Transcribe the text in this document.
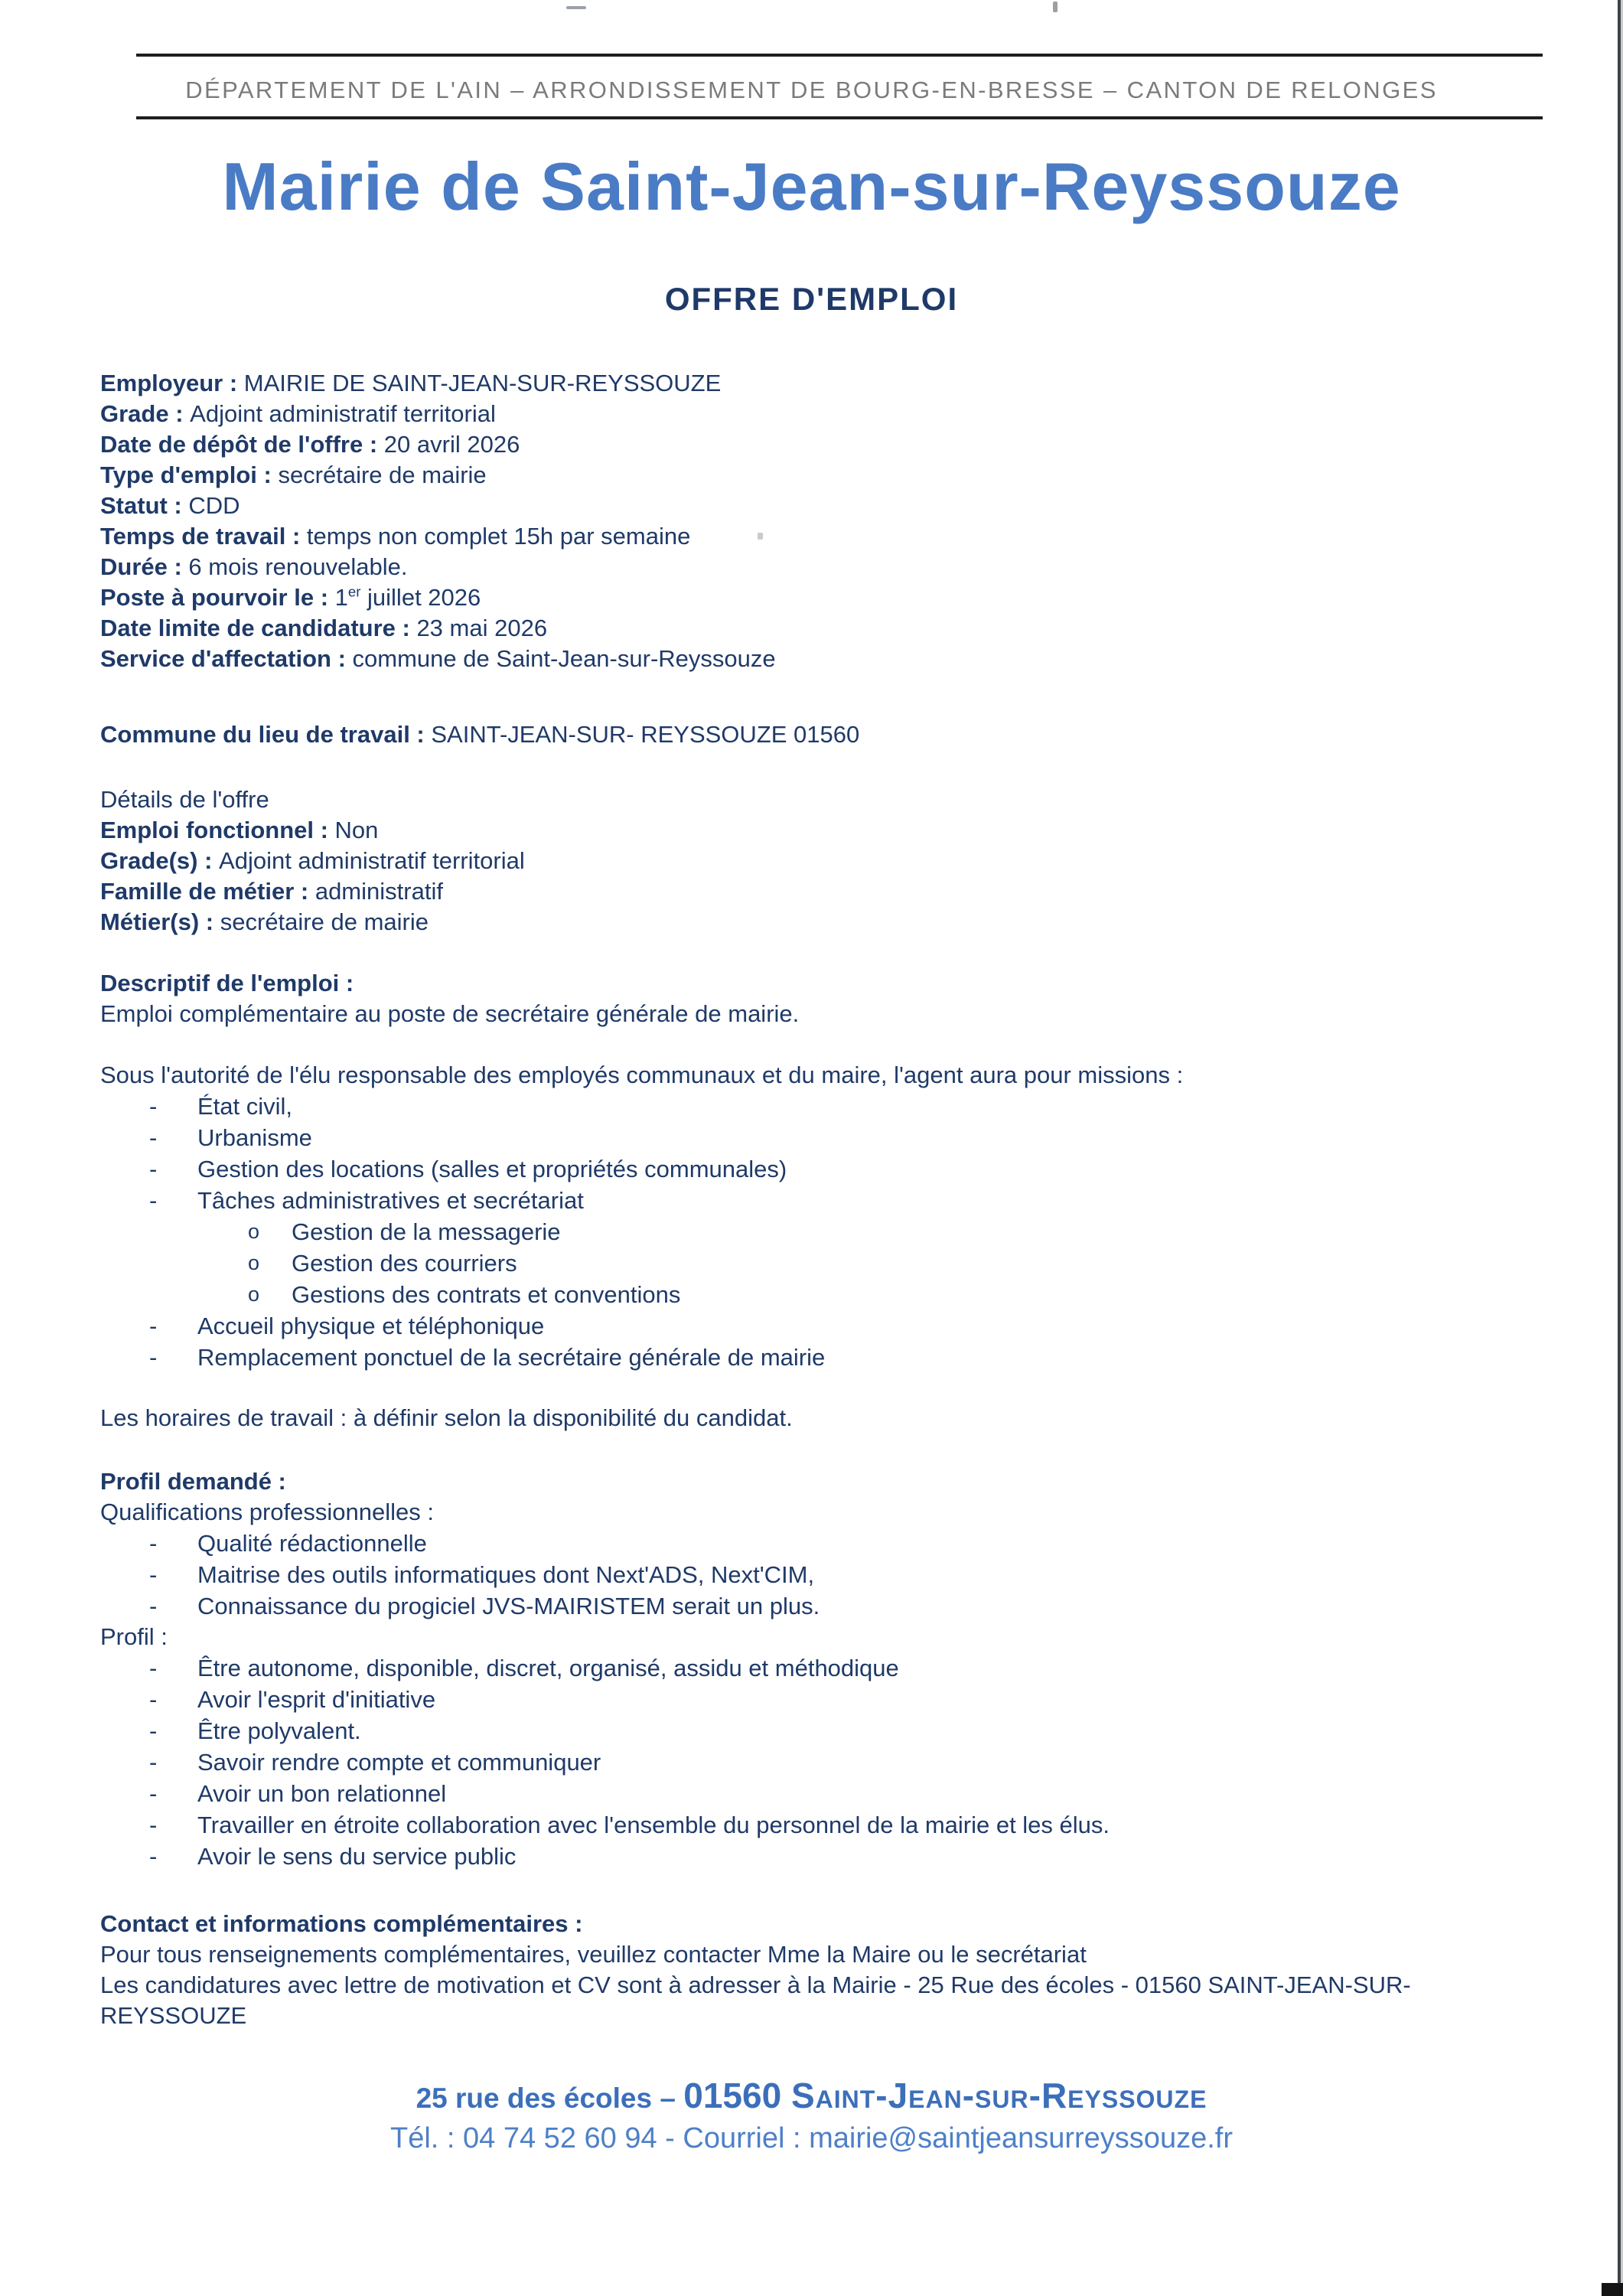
DÉPARTEMENT DE L'AIN – ARRONDISSEMENT DE BOURG-EN-BRESSE – CANTON DE RELONGES
Mairie de Saint-Jean-sur-Reyssouze
OFFRE D'EMPLOI
Employeur : MAIRIE DE SAINT-JEAN-SUR-REYSSOUZE
Grade : Adjoint administratif territorial
Date de dépôt de l'offre : 20 avril 2026
Type d'emploi : secrétaire de mairie
Statut : CDD
Temps de travail : temps non complet 15h par semaine
Durée : 6 mois renouvelable.
Poste à pourvoir le : 1er juillet 2026
Date limite de candidature : 23 mai 2026
Service d'affectation : commune de Saint-Jean-sur-Reyssouze
Commune du lieu de travail : SAINT-JEAN-SUR- REYSSOUZE 01560
Détails de l'offre
Emploi fonctionnel : Non
Grade(s) : Adjoint administratif territorial
Famille de métier : administratif
Métier(s) : secrétaire de mairie
Descriptif de l'emploi :
Emploi complémentaire au poste de secrétaire générale de mairie.
Sous l'autorité de l'élu responsable des employés communaux et du maire, l'agent aura pour missions :
-	État civil,
-	Urbanisme
-	Gestion des locations (salles et propriétés communales)
-	Tâches administratives et secrétariat
o	Gestion de la messagerie
o	Gestion des courriers
o	Gestions des contrats et conventions
-	Accueil physique et téléphonique
-	Remplacement ponctuel de la secrétaire générale de mairie
Les horaires de travail : à définir selon la disponibilité du candidat.
Profil demandé :
Qualifications professionnelles :
-	Qualité rédactionnelle
-	Maitrise des outils informatiques dont Next'ADS, Next'CIM,
-	Connaissance du progiciel JVS-MAIRISTEM serait un plus.
Profil :
-	Être autonome, disponible, discret, organisé, assidu et méthodique
-	Avoir l'esprit d'initiative
-	Être polyvalent.
-	Savoir rendre compte et communiquer
-	Avoir un bon relationnel
-	Travailler en étroite collaboration avec l'ensemble du personnel de la mairie et les élus.
-	Avoir le sens du service public
Contact et informations complémentaires :
Pour tous renseignements complémentaires, veuillez contacter Mme la Maire ou le secrétariat
Les candidatures avec lettre de motivation et CV sont à adresser à la Mairie - 25 Rue des écoles - 01560 SAINT-JEAN-SUR-REYSSOUZE
25 rue des écoles – 01560 Saint-Jean-sur-Reyssouze
Tél. : 04 74 52 60 94 - Courriel : mairie@saintjeansurreyssouze.fr
